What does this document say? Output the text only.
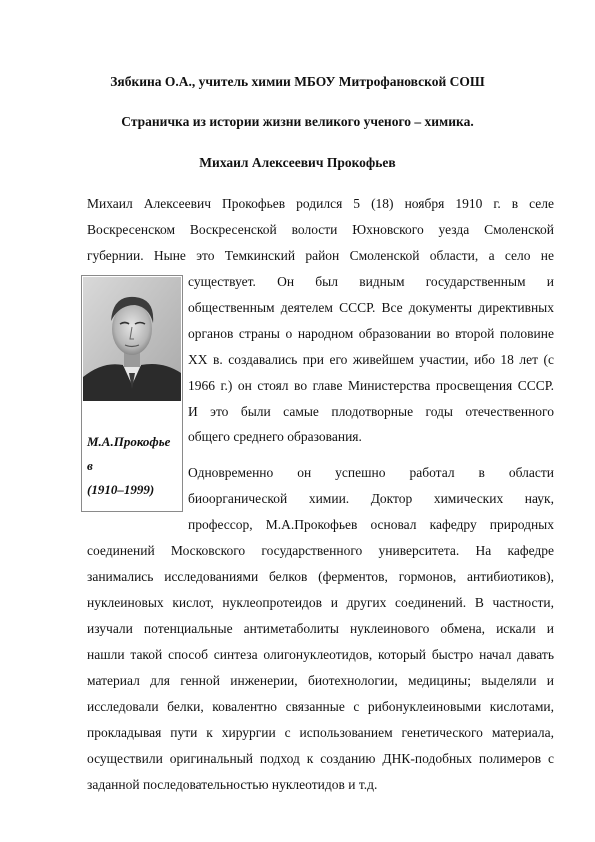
Зябкина О.А., учитель химии МБОУ Митрофановской СОШ
Страничка из истории жизни великого ученого – химика.
Михаил Алексеевич Прокофьев
М.А.Прокофье
в
(1910–1999)
Михаил Алексеевич Прокофьев родился 5 (18) ноября 1910 г. в селе
Воскресенском Воскресенской волости Юхновского уезда Смоленской
губернии. Ныне это Темкинский район Смоленской области, а село не
существует. Он был видным государственным и
общественным деятелем СССР. Все документы директивных
органов страны о народном образовании во второй половине
XX в. создавались при его живейшем участии, ибо 18 лет (с
1966 г.) он стоял во главе Министерства просвещения СССР.
И это были самые плодотворные годы отечественного
общего среднего образования.
Одновременно он успешно работал в области
биоорганической химии. Доктор химических наук,
профессор, М.А.Прокофьев основал кафедру природных
соединений Московского государственного университета. На кафедре
занимались исследованиями белков (ферментов, гормонов, антибиотиков),
нуклеиновых кислот, нуклеопротеидов и других соединений. В частности,
изучали потенциальные антиметаболиты нуклеинового обмена, искали и
нашли такой способ синтеза олигонуклеотидов, который быстро начал давать
материал для генной инженерии, биотехнологии, медицины; выделяли и
исследовали белки, ковалентно связанные с рибонуклеиновыми кислотами,
прокладывая пути к хирургии с использованием генетического материала,
осуществили оригинальный подход к созданию ДНК-подобных полимеров с
заданной последовательностью нуклеотидов и т.д.
